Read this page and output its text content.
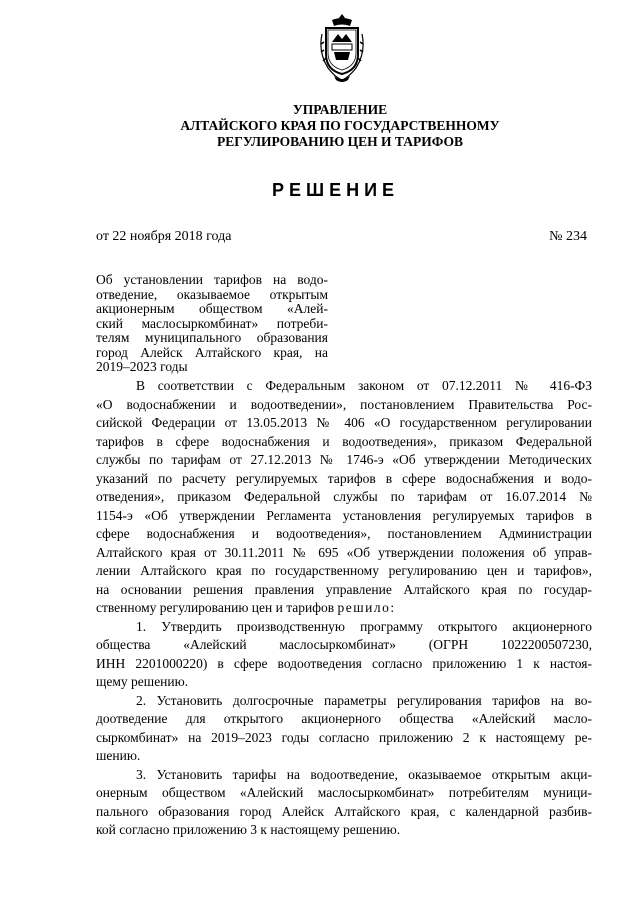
УПРАВЛЕНИЕ
АЛТАЙСКОГО КРАЯ ПО ГОСУДАРСТВЕННОМУ
РЕГУЛИРОВАНИЮ ЦЕН И ТАРИФОВ
РЕШЕНИЕ
от 22 ноября 2018 года	№ 234
Об установлении тарифов на водо-
отведение, оказываемое открытым
акционерным обществом «Алей-
ский маслосыркомбинат» потреби-
телям муниципального образования
город Алейск Алтайского края, на
2019–2023 годы
В соответствии с Федеральным законом от 07.12.2011 № 416-ФЗ
«О водоснабжении и водоотведении», постановлением Правительства Рос-
сийской Федерации от 13.05.2013 № 406 «О государственном регулировании
тарифов в сфере водоснабжения и водоотведения», приказом Федеральной
службы по тарифам от 27.12.2013 № 1746-э «Об утверждении Методических
указаний по расчету регулируемых тарифов в сфере водоснабжения и водо-
отведения», приказом Федеральной службы по тарифам от 16.07.2014 №
1154-э «Об утверждении Регламента установления регулируемых тарифов в
сфере водоснабжения и водоотведения», постановлением Администрации
Алтайского края от 30.11.2011 № 695 «Об утверждении положения об управ-
лении Алтайского края по государственному регулированию цен и тарифов»,
на основании решения правления управление Алтайского края по государ-
ственному регулированию цен и тарифов решило:
1. Утвердить производственную программу открытого акционерного
общества «Алейский маслосыркомбинат» (ОГРН 1022200507230,
ИНН 2201000220) в сфере водоотведения согласно приложению 1 к настоя-
щему решению.
2. Установить долгосрочные параметры регулирования тарифов на во-
доотведение для открытого акционерного общества «Алейский масло-
сыркомбинат» на 2019–2023 годы согласно приложению 2 к настоящему ре-
шению.
3. Установить тарифы на водоотведение, оказываемое открытым акци-
онерным обществом «Алейский маслосыркомбинат» потребителям муници-
пального образования город Алейск Алтайского края, с календарной разбив-
кой согласно приложению 3 к настоящему решению.
